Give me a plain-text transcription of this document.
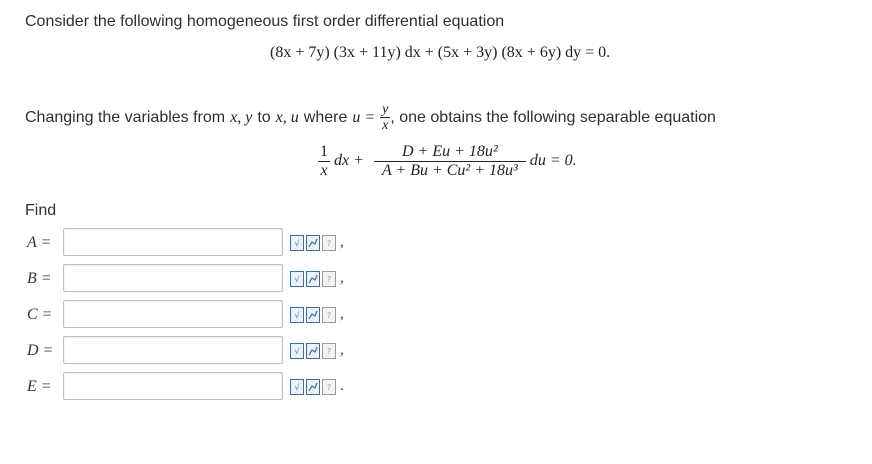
Consider the following homogeneous first order differential equation
(8x + 7y) (3x + 11y) dx + (5x + 3y) (8x + 6y) dy = 0.
Changing the variables from x, y to x, u where $u = \frac{y}{x}$ , one obtains the following separable equation
$\frac{1}{x}$ dx + $\frac{\text{D + Eu + 18u²}}{\text{A + Bu + Cu² + 18u³}}$ du = 0.
Find
A =	√	? ,
B =	√	? ,
C =	√	? ,
D =	√	? ,
E =	√	? .
